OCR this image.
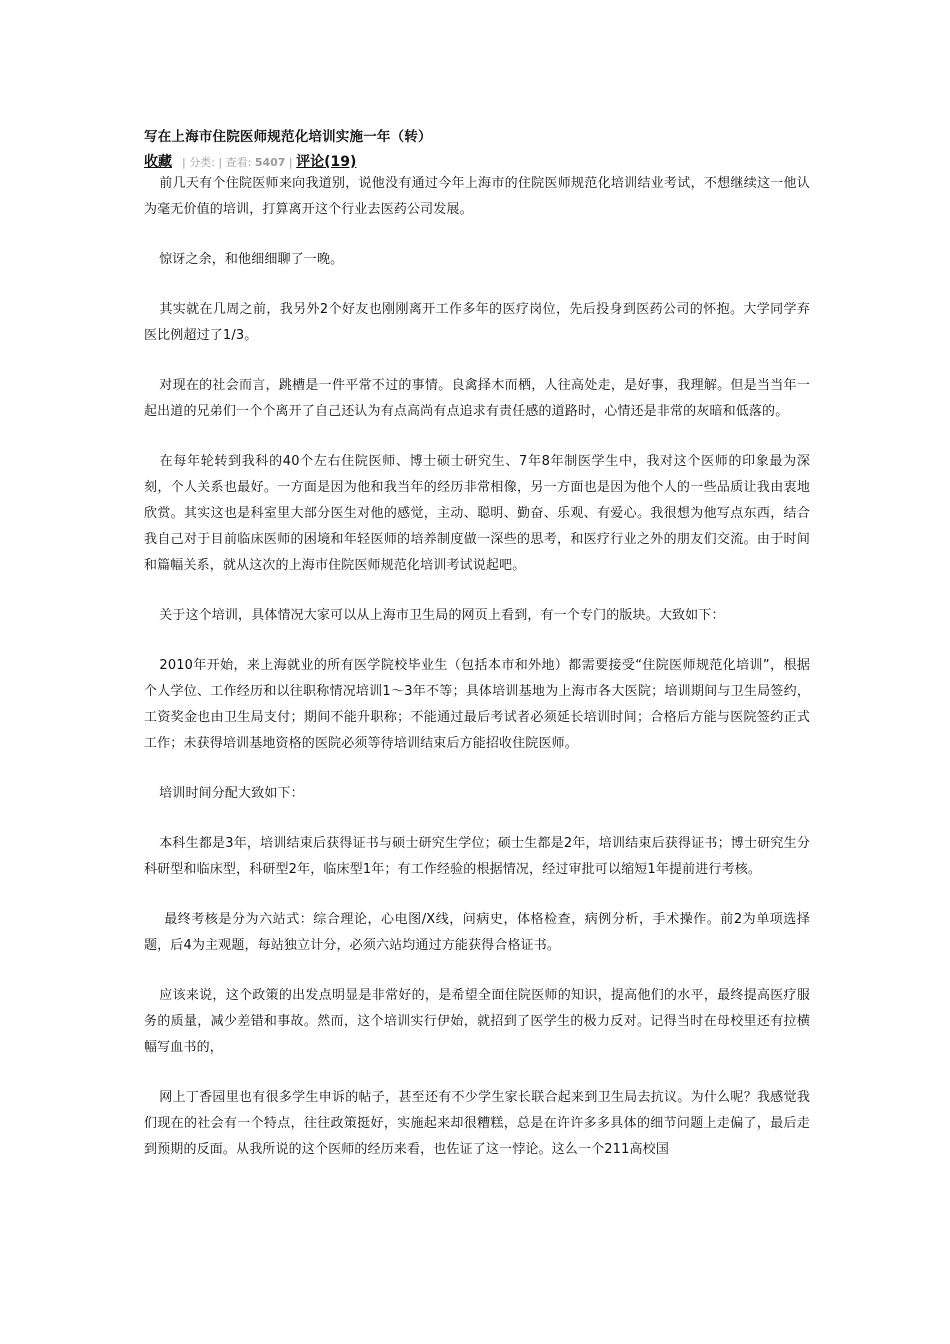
写在上海市住院医师规范化培训实施一年（转）
收藏 | 分类: | 查看: 5407 | 评论(19)

　前几天有个住院医师来向我道别，说他没有通过今年上海市的住院医师规范化培训结业考试，不想继续这一他认为毫无价值的培训，打算离开这个行业去医药公司发展。

　惊讶之余，和他细细聊了一晚。

　其实就在几周之前，我另外2个好友也刚刚离开工作多年的医疗岗位，先后投身到医药公司的怀抱。大学同学弃医比例超过了1/3。

　对现在的社会而言，跳槽是一件平常不过的事情。良禽择木而栖，人往高处走，是好事，我理解。但是当当年一起出道的兄弟们一个个离开了自己还认为有点高尚有点追求有责任感的道路时，心情还是非常的灰暗和低落的。

　在每年轮转到我科的40个左右住院医师、博士硕士研究生、7年8年制医学生中，我对这个医师的印象最为深刻，个人关系也最好。一方面是因为他和我当年的经历非常相像，另一方面也是因为他个人的一些品质让我由衷地欣赏。其实这也是科室里大部分医生对他的感觉，主动、聪明、勤奋、乐观、有爱心。我很想为他写点东西，结合我自己对于目前临床医师的困境和年轻医师的培养制度做一深些的思考，和医疗行业之外的朋友们交流。由于时间和篇幅关系，就从这次的上海市住院医师规范化培训考试说起吧。

　关于这个培训，具体情况大家可以从上海市卫生局的网页上看到，有一个专门的版块。大致如下：

　2010年开始，来上海就业的所有医学院校毕业生（包括本市和外地）都需要接受“住院医师规范化培训”，根据个人学位、工作经历和以往职称情况培训1～3年不等；具体培训基地为上海市各大医院；培训期间与卫生局签约，工资奖金也由卫生局支付；期间不能升职称；不能通过最后考试者必须延长培训时间；合格后方能与医院签约正式工作；未获得培训基地资格的医院必须等待培训结束后方能招收住院医师。

　培训时间分配大致如下：

　本科生都是3年，培训结束后获得证书与硕士研究生学位；硕士生都是2年，培训结束后获得证书；博士研究生分科研型和临床型，科研型2年，临床型1年；有工作经验的根据情况，经过审批可以缩短1年提前进行考核。

　 最终考核是分为六站式：综合理论，心电图/X线，问病史，体格检查，病例分析，手术操作。前2为单项选择题，后4为主观题，每站独立计分，必须六站均通过方能获得合格证书。

　应该来说，这个政策的出发点明显是非常好的，是希望全面住院医师的知识，提高他们的水平，最终提高医疗服务的质量，减少差错和事故。然而，这个培训实行伊始，就招到了医学生的极力反对。记得当时在母校里还有拉横幅写血书的，

　网上丁香园里也有很多学生申诉的帖子，甚至还有不少学生家长联合起来到卫生局去抗议。为什么呢？我感觉我们现在的社会有一个特点，往往政策挺好，实施起来却很糟糕，总是在许许多多具体的细节问题上走偏了，最后走到预期的反面。从我所说的这个医师的经历来看，也佐证了这一悖论。这么一个211高校国
